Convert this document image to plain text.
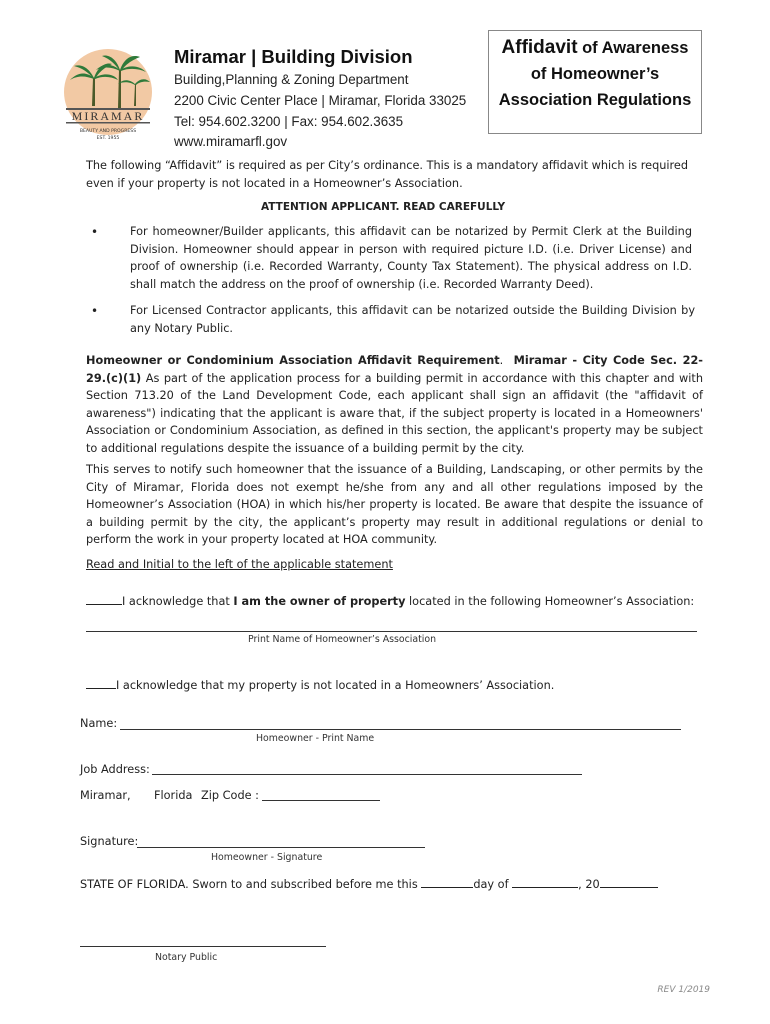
MIRAMAR
BEAUTY AND PROGRESS
EST. 1955
Miramar | Building Division
Building,Planning & Zoning Department
2200 Civic Center Place | Miramar, Florida 33025
Tel: 954.602.3200 | Fax: 954.602.3635
www.miramarfl.gov
Affidavit of Awareness
of Homeowner’s
Association Regulations
The following “Affidavit” is required as per City’s ordinance. This is a mandatory affidavit which is required even if your property is not located in a Homeowner’s Association.
ATTENTION APPLICANT. READ CAREFULLY
•	For homeowner/Builder applicants, this affidavit can be notarized by Permit Clerk at the Building Division. Homeowner should appear in person with required picture I.D. (i.e. Driver License) and proof of ownership (i.e. Recorded Warranty, County Tax Statement). The physical address on I.D. shall match the address on the proof of ownership (i.e. Recorded Warranty Deed).
•	For Licensed Contractor applicants, this affidavit can be notarized outside the Building Division by any Notary Public.
Homeowner or Condominium Association Affidavit Requirement.  Miramar - City Code Sec. 22-29.(c)(1) As part of the application process for a building permit in accordance with this chapter and with Section 713.20 of the Land Development Code, each applicant shall sign an affidavit (the "affidavit of awareness") indicating that the applicant is aware that, if the subject property is located in a Homeowners' Association or Condominium Association, as defined in this section, the applicant's property may be subject to additional regulations despite the issuance of a building permit by the city.
This serves to notify such homeowner that the issuance of a Building, Landscaping, or other permits by the City of Miramar, Florida does not exempt he/she from any and all other regulations imposed by the Homeowner’s Association (HOA) in which his/her property is located. Be aware that despite the issuance of a building permit by the city, the applicant’s property may result in additional regulations or denial to perform the work in your property located at HOA community.
Read and Initial to the left of the applicable statement
I acknowledge that I am the owner of property located in the following Homeowner’s Association:
Print Name of Homeowner’s Association
I acknowledge that my property is not located in a Homeowners’ Association.
Name:
Homeowner - Print Name
Job Address:
Miramar, Florida Zip Code :
Signature:
Homeowner - Signature
STATE OF FLORIDA. Sworn to and subscribed before me this	day of	, 20
Notary Public
REV 1/2019
